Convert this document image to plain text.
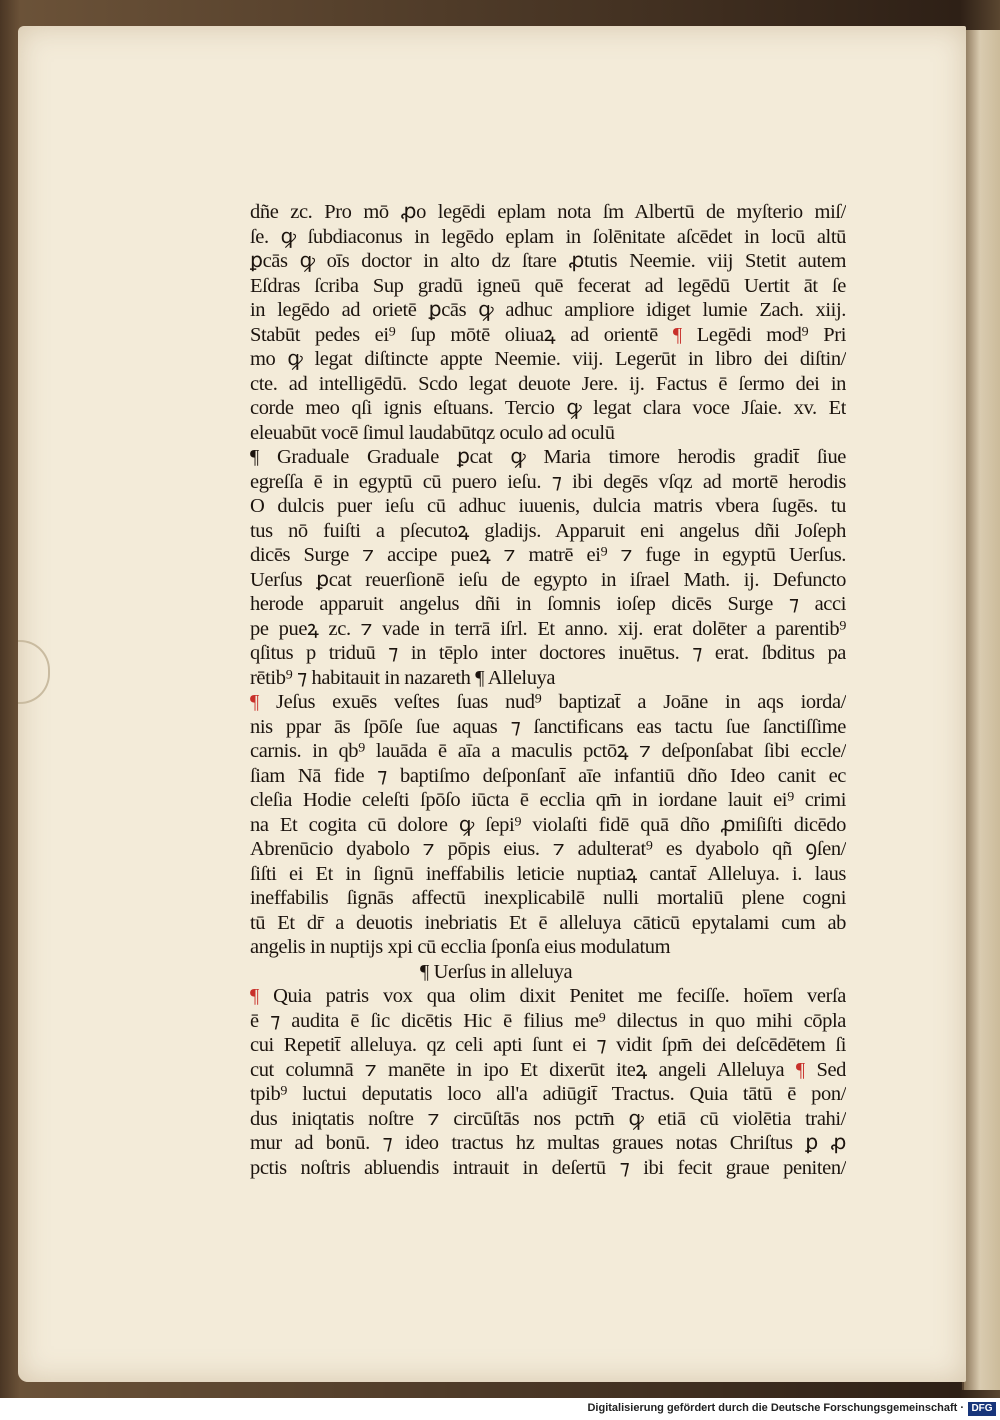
dñe zc. Pro mō ꝓo legēdi eplam nota ſm Albertū de myſterio miſ/
ſe. ꝙ ſubdiaconus in legēdo eplam in ſolēnitate aſcēdet in locū altū
ꝑcās ꝙ oīs doctor in alto dz ſtare ꝓtutis Neemie. viij Stetit autem
Eſdras ſcriba Sup gradū igneū quē fecerat ad legēdū Uertit āt ſe
in legēdo ad orietē ꝑcās ꝙ adhuc ampliore idiget lumie Zach. xiij.
Stabūt pedes ei⁹ ſup mōtē oliuaꝝ ad orientē ¶ Legēdi mod⁹ Pri
mo ꝙ legat diſtincte appte Neemie. viij. Legerūt in libro dei diſtin/
cte. ad intelligēdū. Scdo legat deuote Jere. ij. Factus ē ſermo dei in
corde meo qſi ignis eſtuans. Tercio ꝙ legat clara voce Jſaie. xv. Et
eleuabūt vocē ſimul laudabūtqz oculo ad oculū
¶ Graduale Graduale ꝑcat ꝙ Maria timore herodis gradit̄ ſiue
egreſſa ē in egyptū cū puero ieſu. ⁊ ibi degēs vſqz ad mortē herodis
O dulcis puer ieſu cū adhuc iuuenis, dulcia matris vbera ſugēs. tu
tus nō fuiſti a pſecutoꝝ gladijs. Apparuit eni angelus dñi Joſeph
dicēs Surge ⁊ accipe pueꝝ ⁊ matrē ei⁹ ⁊ fuge in egyptū Uerſus.
Uerſus ꝑcat reuerſionē ieſu de egypto in iſrael Math. ij. Defuncto
herode apparuit angelus dñi in ſomnis ioſep dicēs Surge ⁊ acci
pe pueꝝ zc. ⁊ vade in terrā iſrl. Et anno. xij. erat dolēter a parentib⁹
qſitus p triduū ⁊ in tēplo inter doctores inuētus. ⁊ erat. ſbditus pa
rētib⁹ ⁊ habitauit in nazareth ¶ Alleluya
¶ Jeſus exuēs veſtes ſuas nud⁹ baptizat̄ a Joāne in aqs iorda/
nis ppar ās ſpōſe ſue aquas ⁊ ſanctificans eas tactu ſue ſanctiſſime
carnis. in qb⁹ lauāda ē aīa a maculis pctōꝝ ⁊ deſponſabat ſibi eccle/
ſiam Nā fide ⁊ baptiſmo deſponſant̄ aīe infantiū dño Ideo canit ec
cleſia Hodie celeſti ſpōſo iūcta ē ecclia qm̄ in iordane lauit ei⁹ crimi
na Et cogita cū dolore ꝙ ſepi⁹ violaſti fidē quā dño ꝓmiſiſti dicēdo
Abrenūcio dyabolo ⁊ pōpis eius. ⁊ adulterat⁹ es dyabolo qñ ꝯſen/
ſiſti ei Et in ſignū ineffabilis leticie nuptiaꝝ cantat̄ Alleluya. i. laus
ineffabilis ſignās affectū inexplicabilē nulli mortaliū plene cogni
tū Et dr̄ a deuotis inebriatis Et ē alleluya cāticū epytalami cum ab
angelis in nuptijs xpi cū ecclia ſponſa eius modulatum
¶ Uerſus in alleluya
¶ Quia patris vox qua olim dixit Penitet me feciſſe. hoīem verſa
ē ⁊ audita ē ſic dicētis Hic ē filius me⁹ dilectus in quo mihi cōpla
cui Repetit̄ alleluya. qz celi apti ſunt ei ⁊ vidit ſpm̄ dei deſcēdētem ſi
cut columnā ⁊ manēte in ipo Et dixerūt iteꝝ angeli Alleluya ¶ Sed
tpib⁹ luctui deputatis loco all'a adiūgit̄ Tractus. Quia tātū ē pon/
dus iniqtatis noſtre ⁊ circūſtās nos pctm̄ ꝙ etiā cū violētia trahi/
mur ad bonū. ⁊ ideo tractus hz multas graues notas Chriſtus ꝑ ꝓ
pctis noſtris abluendis intrauit in deſertū ⁊ ibi fecit graue peniten/
Digitalisierung gefördert durch die Deutsche Forschungsgemeinschaft · DFG
